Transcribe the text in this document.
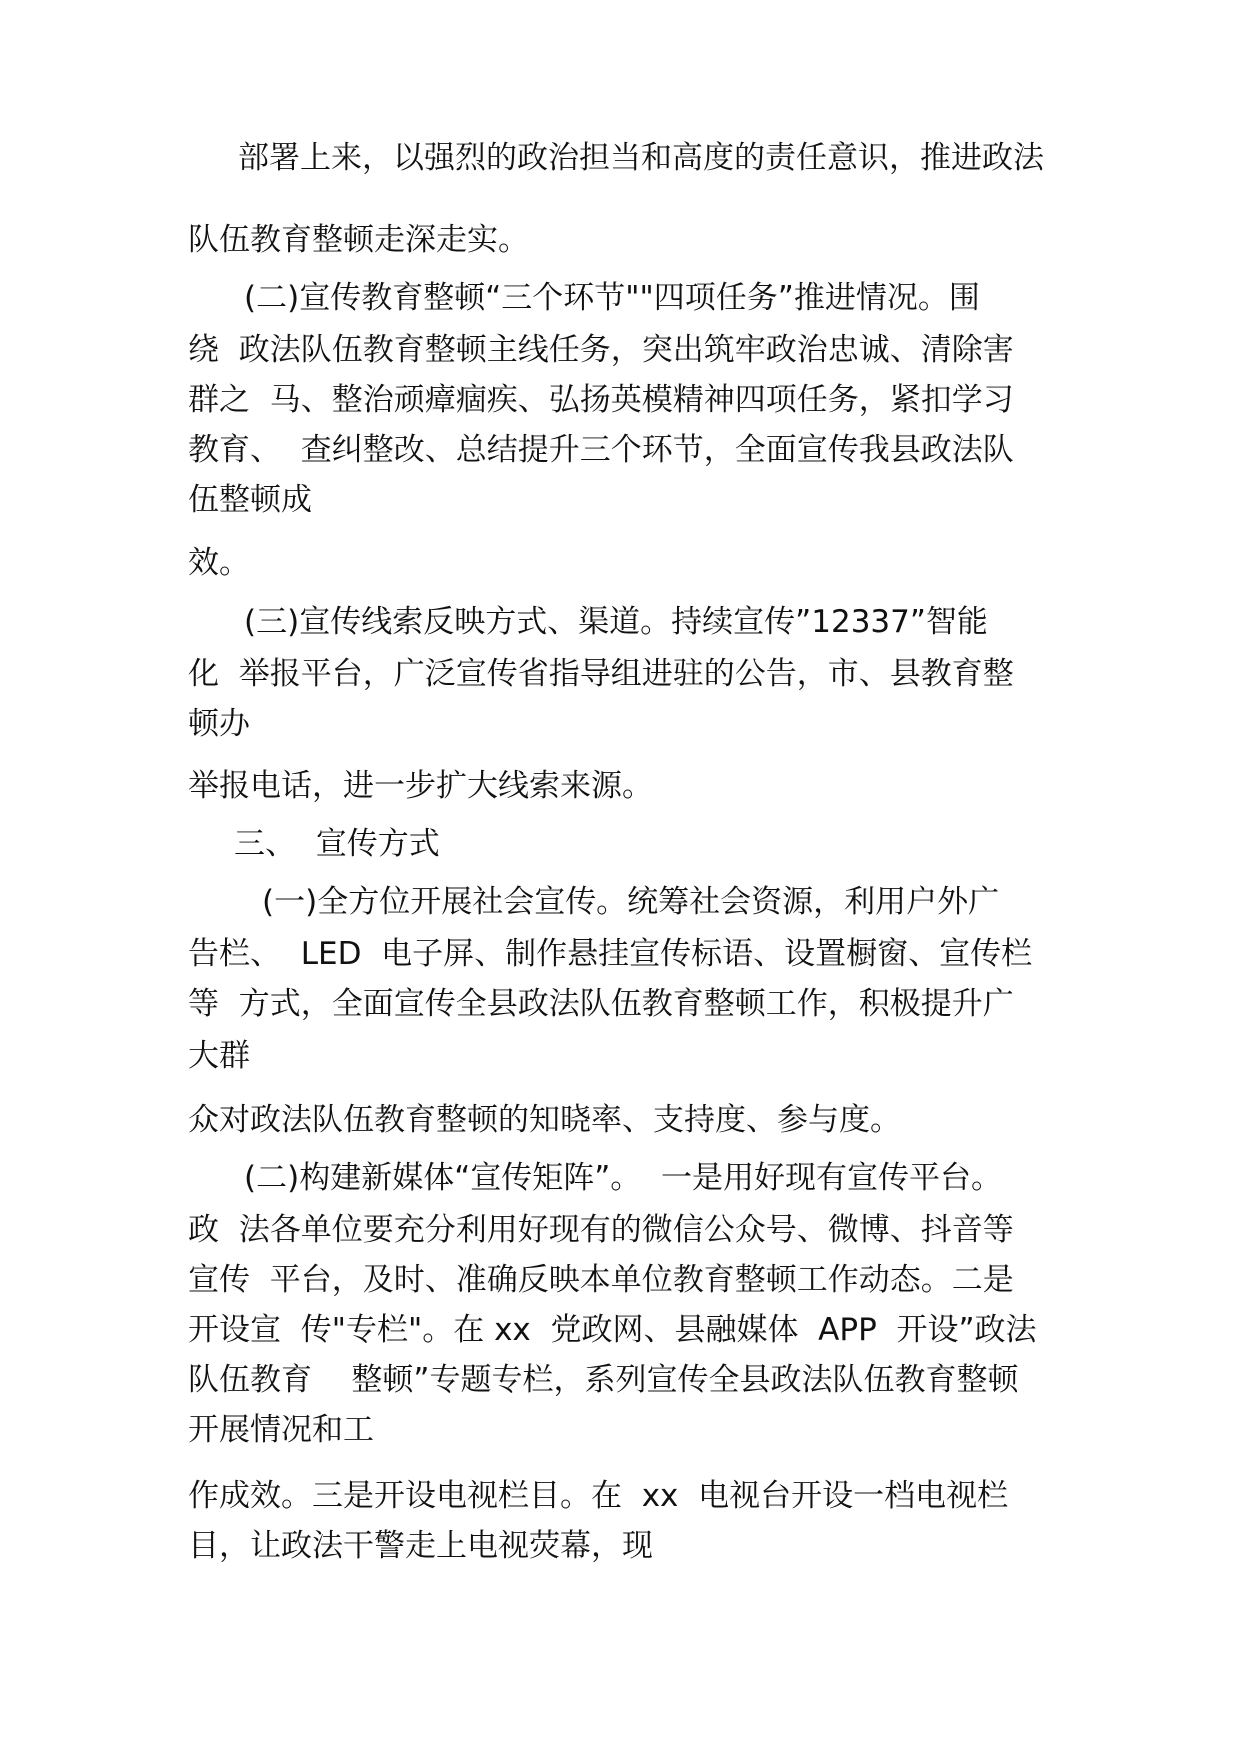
部署上来，以强烈的政治担当和高度的责任意识，推进政法
队伍教育整顿走深走实。
(二)宣传教育整顿“三个环节""四项任务”推进情况。围
绕  政法队伍教育整顿主线任务，突出筑牢政治忠诚、清除害
群之  马、整治顽瘴痼疾、弘扬英模精神四项任务，紧扣学习
教育、  查纠整改、总结提升三个环节，全面宣传我县政法队
伍整顿成
效。
(三)宣传线索反映方式、渠道。持续宣传”12337”智能
化  举报平台，广泛宣传省指导组进驻的公告，市、县教育整
顿办
举报电话，进一步扩大线索来源。
三、  宣传方式
(一)全方位开展社会宣传。统筹社会资源，利用户外广
告栏、  LED  电子屏、制作悬挂宣传标语、设置橱窗、宣传栏
等  方式，全面宣传全县政法队伍教育整顿工作，积极提升广
大群
众对政法队伍教育整顿的知晓率、支持度、参与度。
(二)构建新媒体“宣传矩阵”。  一是用好现有宣传平台。
政  法各单位要充分利用好现有的微信公众号、微博、抖音等
宣传  平台，及时、准确反映本单位教育整顿工作动态。二是
开设宣  传"专栏"。在 xx  党政网、县融媒体  APP  开设”政法
队伍教育    整顿”专题专栏，系列宣传全县政法队伍教育整顿
开展情况和工
作成效。三是开设电视栏目。在  xx  电视台开设一档电视栏
目，让政法干警走上电视荧幕，现
